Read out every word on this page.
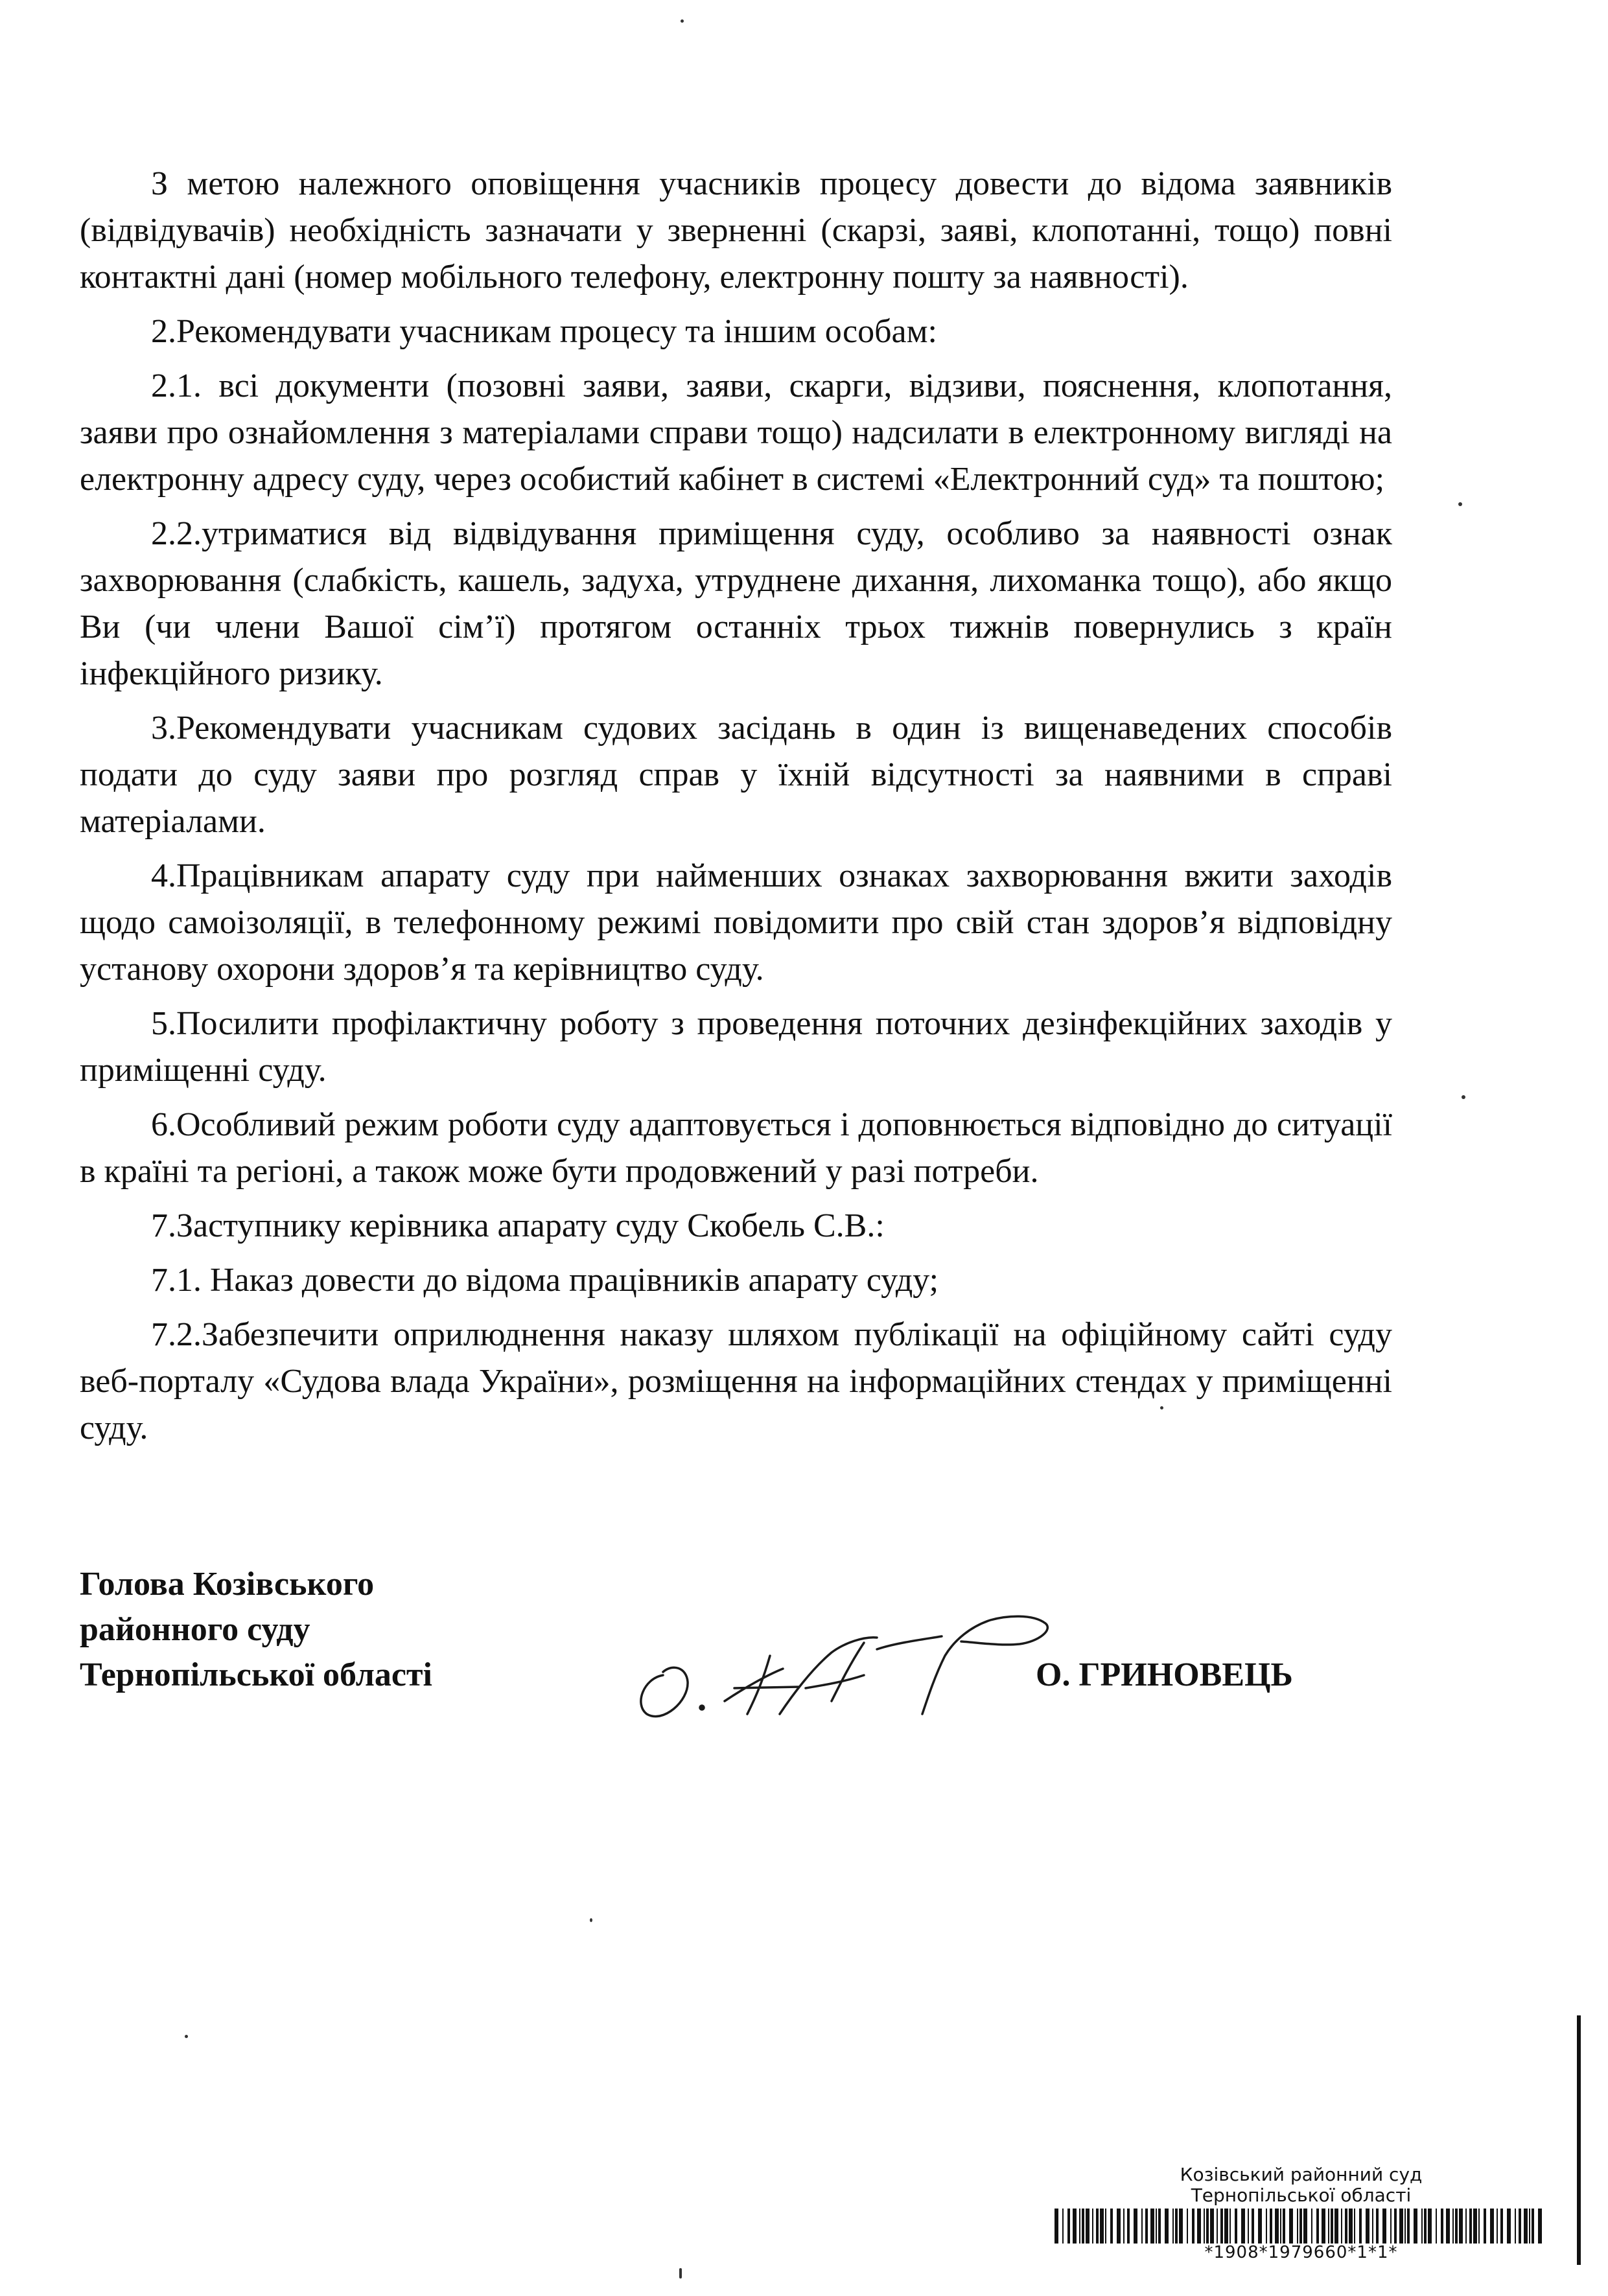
З метою належного оповіщення учасників процесу довести до відома заявників (відвідувачів) необхідність зазначати у зверненні (скарзі, заяві, клопотанні, тощо) повні контактні дані (номер мобільного телефону, електронну пошту за наявності).

2.Рекомендувати учасникам процесу та іншим особам:

2.1. всі документи (позовні заяви, заяви, скарги, відзиви, пояснення, клопотання, заяви про ознайомлення з матеріалами справи тощо) надсилати в електронному вигляді на електронну адресу суду, через особистий кабінет в системі «Електронний суд» та поштою;

2.2.утриматися від відвідування приміщення суду, особливо за наявності ознак захворювання (слабкість, кашель, задуха, утруднене дихання, лихоманка тощо), або якщо Ви (чи члени Вашої сім’ї) протягом останніх трьох тижнів повернулись з країн інфекційного ризику.

3.Рекомендувати учасникам судових засідань в один із вищенаведених способів подати до суду заяви про розгляд справ у їхній відсутності за наявними в справі матеріалами.

4.Працівникам апарату суду при найменших ознаках захворювання вжити заходів щодо самоізоляції, в телефонному режимі повідомити про свій стан здоров’я відповідну установу охорони здоров’я та керівництво суду.

5.Посилити профілактичну роботу з проведення поточних дезінфекційних заходів у приміщенні суду.

6.Особливий режим роботи суду адаптовується і доповнюється відповідно до ситуації в країні та регіоні, а також може бути продовжений у разі потреби.

7.Заступнику керівника апарату суду Скобель С.В.:

7.1. Наказ довести до відома працівників апарату суду;

7.2.Забезпечити оприлюднення наказу шляхом публікації на офіційному сайті суду веб-порталу «Судова влада України», розміщення на інформаційних стендах у приміщенні суду.

Голова Козівського
районного суду
Тернопільської області	О. ГРИНОВЕЦЬ
Козівський районний суд
Тернопільської області
*1908*1979660*1*1*
